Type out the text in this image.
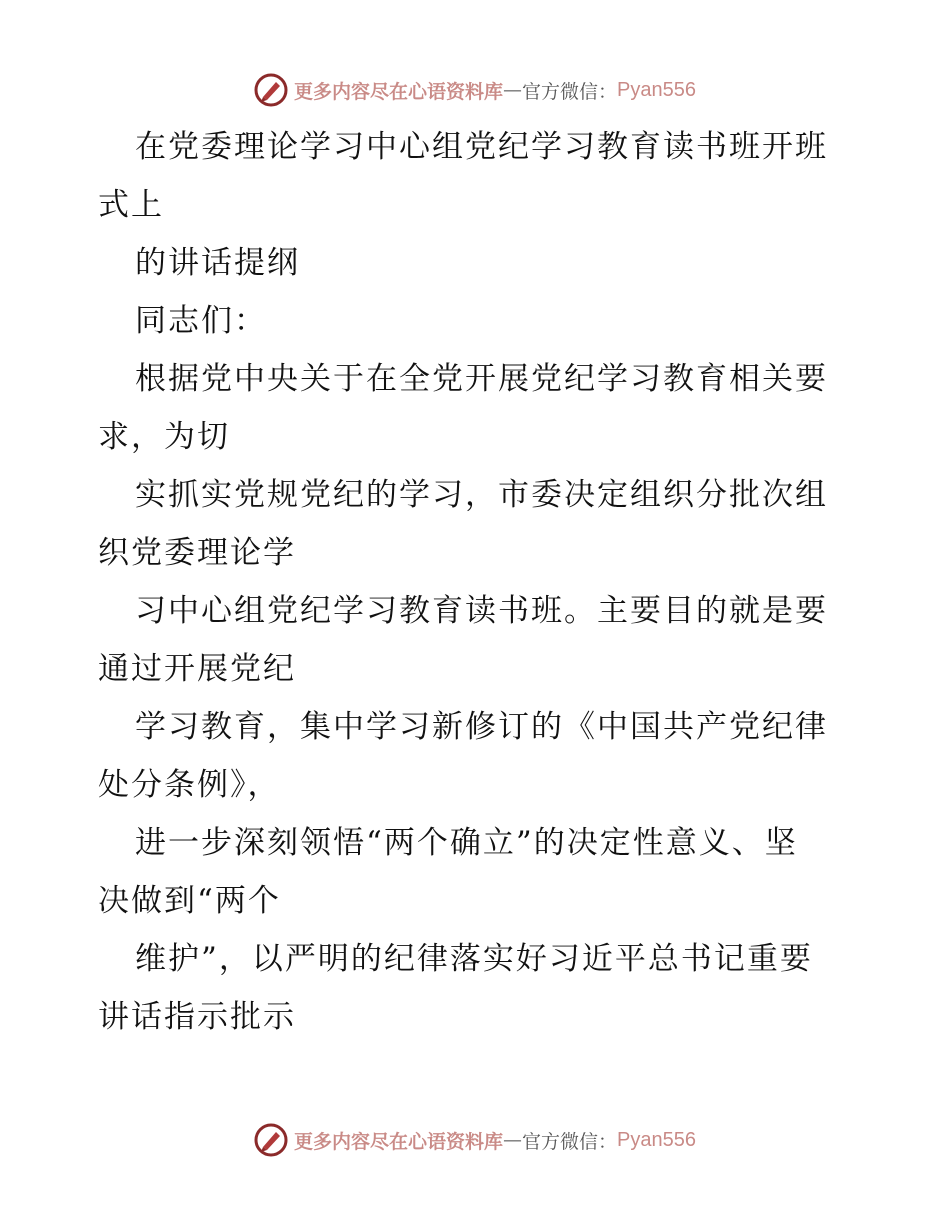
更多内容尽在心语资料库 — 官方微信： Pyan556
在党委理论学习中心组党纪学习教育读书班开班
式上
的讲话提纲
同志们：
根据党中央关于在全党开展党纪学习教育相关要
求，为切
实抓实党规党纪的学习，市委决定组织分批次组
织党委理论学
习中心组党纪学习教育读书班。主要目的就是要
通过开展党纪
学习教育，集中学习新修订的《中国共产党纪律
处分条例》，
进一步深刻领悟“两个确立”的决定性意义、坚
决做到“两个
维护”，以严明的纪律落实好习近平总书记重要
讲话指示批示
更多内容尽在心语资料库 — 官方微信： Pyan556
